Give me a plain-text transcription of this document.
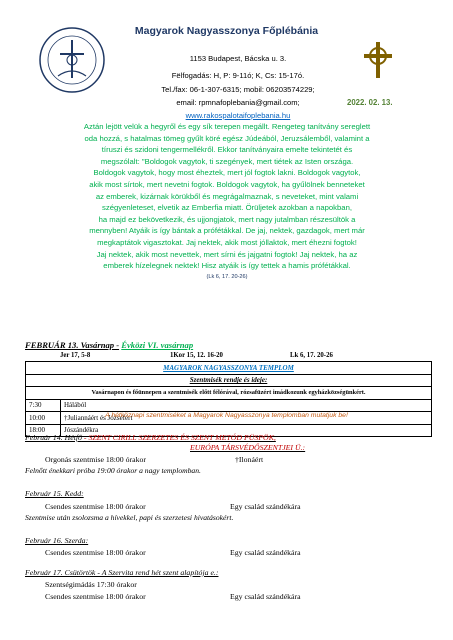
Magyarok Nagyasszonya Főplébánia
1153 Budapest, Bácska u. 3.
Fëlfogadás: H, P: 9-11ó; K, Cs: 15-17ó.
Tel./fax: 06-1-307-6315; mobil: 06203574229;
email: rpmnafoplebania@gmail.com;
www.rakospalotaifoplebania.hu
2022. 02. 13.
Aztán lejött velük a hegyről és egy sík terepen megállt. Rengeteg tanítvány sereglett
oda hozzá, s hatalmas tömeg gyűlt köré egész Júdeából, Jeruzsálemből, valamint a
tíruszi és szidoni tengermellékről. Ekkor tanítványaira emelte tekintetét és
megszólalt: "Boldogok vagytok, ti szegények, mert tiétek az Isten országa.
Boldogok vagytok, hogy most éheztek, mert jól fogtok lakni. Boldogok vagytok,
akik most sírtok, mert nevetni fogtok. Boldogok vagytok, ha gyűlölnek benneteket
az emberek, kizárnak körükből és megrágalmaznak, s neveteket, mint valami
szégyenleteset, elvetik az Emberfia miatt. Örüljetek azokban a napokban,
ha majd ez bekövetkezik, és ujjongjatok, mert nagy jutalmban részesültök a
mennyben! Atyáik is így bántak a prófétákkal. De jaj, nektek, gazdagok, mert már
megkaptátok vigasztokat. Jaj nektek, akik most jóllaktok, mert éhezni fogtok!
Jaj nektek, akik most nevettek, mert sírni és jajgatni fogtok! Jaj nektek, ha az
emberek hízelegnek nektek! Hisz atyáik is így tettek a hamis prófétákkal.
(Lk 6, 17. 20-26)
FEBRUÁR 13. Vasárnap - Évközi VI. vasárnap
Jer 17, 5-8	1Kor 15, 12. 16-20	Lk 6, 17. 20-26
MAGYAROK NAGYASSZONYA TEMPLOM	
Szentmisék rendje és ideje:	
Vasárnapon és főünnepen a szentmisék előtt félórával, rózsafüzért imádkozunk egyházközségünkért.	
7:30	Hálából
10:00	†Juliannáért és Józsefért
18:00	Jószándékra
A hétköznapi szentmiséket a Magyarok Nagyasszonya templomban mutatjuk be!
Február 14. Hétfő - SZENT CIRILL SZERZETES ÉS SZENT METÓD PÜSPÖK,
EURÓPA TÁRSVÉDŐSZENTJEI Ü.:
Orgonás szentmise 18:00 órakor	†Ilonáért
Felnőtt énekkari próba 19:00 órakor a nagy templomban.
Február 15. Kedd:
Csendes szentmise 18:00 órakor	Egy család szándékára
Szentmise után zsolozsma a hívekkel, papi és szerzetesi hivatásokért.
Február 16. Szerda:
Csendes szentmise 18:00 órakor	Egy család szándékára
Február 17. Csütörtök - A Szervita rend hét szent alapítója e.:
Szentségimádás 17:30 órakor
Csendes szentmise 18:00 órakor	Egy család szándékára
